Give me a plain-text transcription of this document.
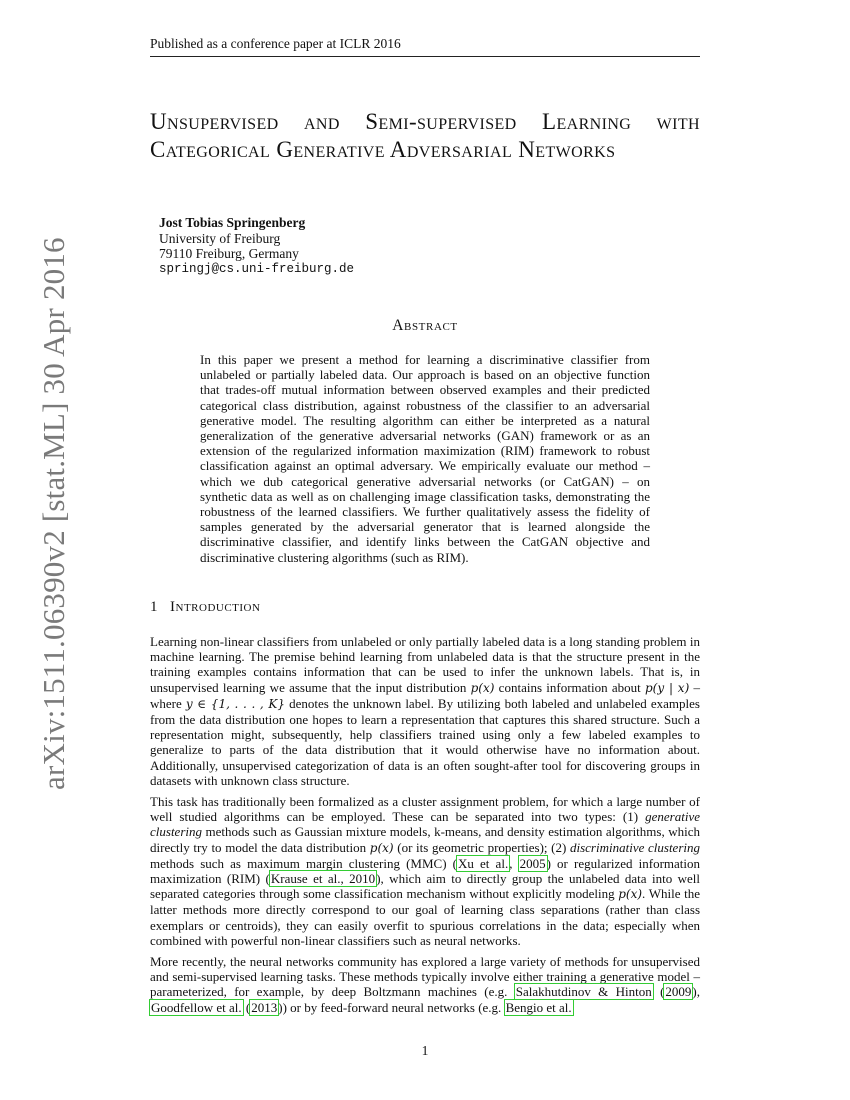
Published as a conference paper at ICLR 2016
arXiv:1511.06390v2 [stat.ML] 30 Apr 2016
Unsupervised and Semi-supervised Learning with Categorical Generative Adversarial Networks
Jost Tobias Springenberg
University of Freiburg
79110 Freiburg, Germany
springj@cs.uni-freiburg.de
Abstract
In this paper we present a method for learning a discriminative classifier from unlabeled or partially labeled data. Our approach is based on an objective function that trades-off mutual information between observed examples and their predicted categorical class distribution, against robustness of the classifier to an adversarial generative model. The resulting algorithm can either be interpreted as a natural generalization of the generative adversarial networks (GAN) framework or as an extension of the regularized information maximization (RIM) framework to robust classification against an optimal adversary. We empirically evaluate our method – which we dub categorical generative adversarial networks (or CatGAN) – on synthetic data as well as on challenging image classification tasks, demonstrating the robustness of the learned classifiers. We further qualitatively assess the fidelity of samples generated by the adversarial generator that is learned alongside the discriminative classifier, and identify links between the CatGAN objective and discriminative clustering algorithms (such as RIM).
1 Introduction

Learning non-linear classifiers from unlabeled or only partially labeled data is a long standing problem in machine learning. The premise behind learning from unlabeled data is that the structure present in the training examples contains information that can be used to infer the unknown labels. That is, in unsupervised learning we assume that the input distribution p(x) contains information about p(y | x) – where y ∈ {1, . . . , K} denotes the unknown label. By utilizing both labeled and unlabeled examples from the data distribution one hopes to learn a representation that captures this shared structure. Such a representation might, subsequently, help classifiers trained using only a few labeled examples to generalize to parts of the data distribution that it would otherwise have no information about. Additionally, unsupervised categorization of data is an often sought-after tool for discovering groups in datasets with unknown class structure.

This task has traditionally been formalized as a cluster assignment problem, for which a large number of well studied algorithms can be employed. These can be separated into two types: (1) generative clustering methods such as Gaussian mixture models, k-means, and density estimation algorithms, which directly try to model the data distribution p(x) (or its geometric properties); (2) discriminative clustering methods such as maximum margin clustering (MMC) (Xu et al., 2005) or regularized information maximization (RIM) (Krause et al., 2010), which aim to directly group the unlabeled data into well separated categories through some classification mechanism without explicitly modeling p(x). While the latter methods more directly correspond to our goal of learning class separations (rather than class exemplars or centroids), they can easily overfit to spurious correlations in the data; especially when combined with powerful non-linear classifiers such as neural networks.

More recently, the neural networks community has explored a large variety of methods for unsupervised and semi-supervised learning tasks. These methods typically involve either training a generative model – parameterized, for example, by deep Boltzmann machines (e.g. Salakhutdinov & Hinton (2009), Goodfellow et al. (2013)) or by feed-forward neural networks (e.g. Bengio et al.

1
